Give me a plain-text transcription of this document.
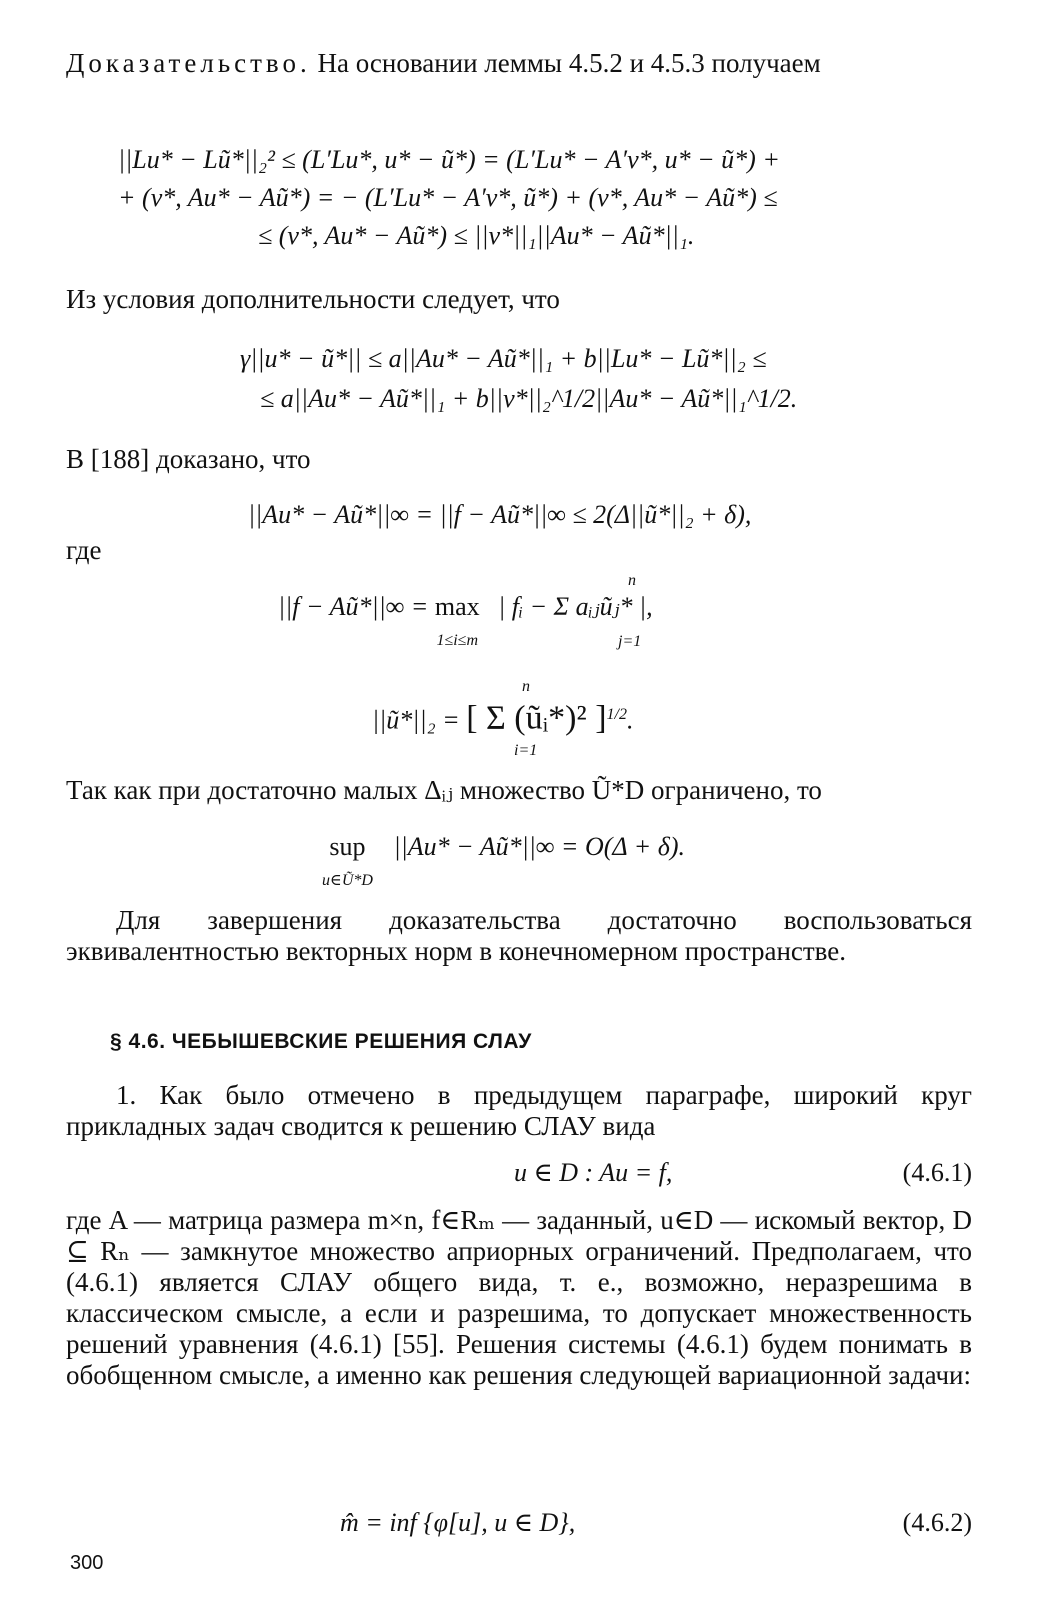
Доказательство. На основании леммы 4.5.2 и 4.5.3 получаем
||Lu* − Lũ*||₂² ≤ (L′Lu*, u* − ũ*) = (L′Lu* − A′v*, u* − ũ*) +
+ (v*, Au* − Aũ*) = − (L′Lu* − A′v*, ũ*) + (v*, Au* − Aũ*) ≤
≤ (v*, Au* − Aũ*) ≤ ||v*||₁||Au* − Aũ*||₁.
Из условия дополнительности следует, что
γ||u* − ũ*|| ≤ a||Au* − Aũ*||₁ + b||Lu* − Lũ*||₂ ≤
≤ a||Au* − Aũ*||₁ + b||v*||₂^1/2||Au* − Aũ*||₁^1/2.
В [188] доказано, что
||Au* − Aũ*||∞ = ||f − Aũ*||∞ ≤ 2(Δ||ũ*||₂ + δ),
где
||f − Aũ*||∞ = max
1≤i≤m | fᵢ − Σ aᵢⱼũⱼ* |,
n
j=1
||ũ*||₂ = [ Σ (ũᵢ*)² ]$^{1/2}$.
n
i=1
Так как при достаточно малых Δᵢⱼ множество Ũ*D ограничено, то
sup
u∈Ũ*D ||Au* − Aũ*||∞ = O(Δ + δ).
Для завершения доказательства достаточно воспользоваться эквивалентностью векторных норм в конечномерном пространстве.
§ 4.6. ЧЕБЫШЕВСКИЕ РЕШЕНИЯ СЛАУ
1. Как было отмечено в предыдущем параграфе, широкий круг прикладных задач сводится к решению СЛАУ вида
u ∈ D : Au = f,	(4.6.1)
где A — матрица размера m×n, f∈Rₘ — заданный, u∈D — искомый вектор, D ⊆ Rₙ — замкнутое множество априорных ограничений. Предполагаем, что (4.6.1) является СЛАУ общего вида, т. е., возможно, неразрешима в классическом смысле, а если и разрешима, то допускает множественность решений уравнения (4.6.1) [55]. Решения системы (4.6.1) будем понимать в обобщенном смысле, а именно как решения следующей вариационной задачи:
m̂ = inf {φ[u], u ∈ D},	(4.6.2)
300
